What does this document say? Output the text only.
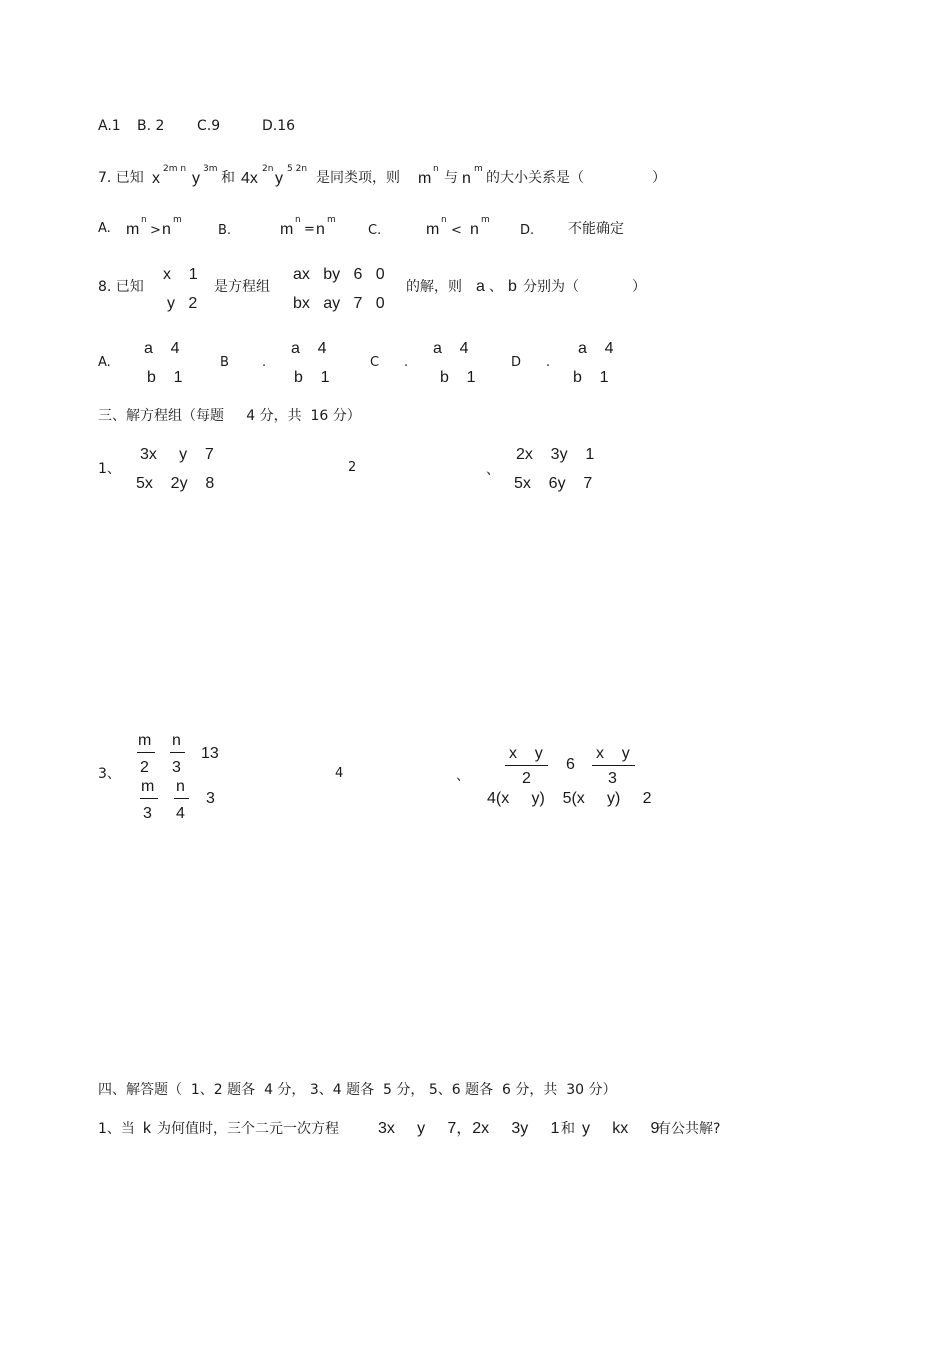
A.1 B. 2 C.9	D.16
7. 已知 x
2m n
y
3m
和 4x
2n
y
5 2n
是同类项，则 m
n
与 n
m
的大小关系是（	）
A. m
n
> n
m
B.	m
n
= n
m
C.	m
n
< n
m
D. 不能确定
8. 已知
x    1
y   2
是方程组
ax   by   6   0
bx   ay   7   0
的解，则 a 、 b 分别为（	）
A.
a    4
b    1
B	.
a    4
b    1
C .
a    4
b    1
D .
a    4
b    1
三、解方程组（每题     4 分，共  16 分）
1、
3x     y    7
5x    2y    8
2	、
2x    3y    1
5x    6y    7
3、
m
2
n
3
13
m
3
n
4
3
4	、
x    y
2
6
x    y
3
4(x     y)    5(x     y)     2
四、解答题（  1、2 题各  4 分， 3、4 题各  5 分， 5、6 题各  6 分，共  30 分）
1、当 k 为何值时，三个二元一次方程 3x     y     7，2x     3y     1 和 y     kx     9
有公共解?
